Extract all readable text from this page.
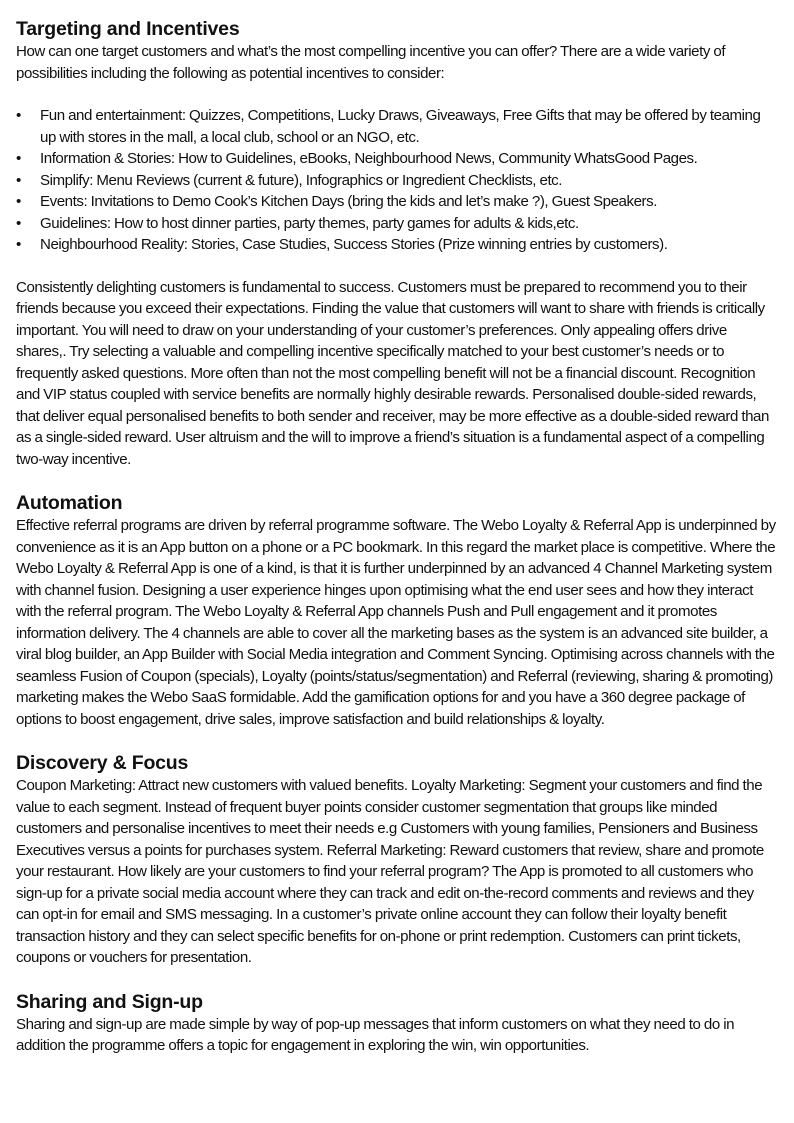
Targeting and Incentives

How can one target customers and what’s the most compelling incentive you can offer? There are a wide variety of possibilities including the following as potential incentives to consider:

• Fun and entertainment: Quizzes, Competitions, Lucky Draws, Giveaways, Free Gifts that may be offered by teaming up with stores in the mall, a local club, school or an NGO, etc.
• Information & Stories: How to Guidelines, eBooks, Neighbourhood News, Community WhatsGood Pages.
• Simplify: Menu Reviews (current & future), Infographics or Ingredient Checklists, etc.
• Events: Invitations to Demo Cook’s Kitchen Days (bring the kids and let’s make ?), Guest Speakers.
• Guidelines: How to host dinner parties, party themes, party games for adults & kids,etc.
• Neighbourhood Reality: Stories, Case Studies, Success Stories (Prize winning entries by customers).

Consistently delighting customers is fundamental to success. Customers must be prepared to recommend you to their friends because you exceed their expectations. Finding the value that customers will want to share with friends is critically important. You will need to draw on your understanding of your customer’s preferences. Only appealing offers drive shares,. Try selecting a valuable and compelling incentive specifically matched to your best customer’s needs or to frequently asked questions. More often than not the most compelling benefit will not be a financial discount. Recognition and VIP status coupled with service benefits are normally highly desirable rewards. Personalised double-sided rewards, that deliver equal personalised benefits to both sender and receiver, may be more effective as a double-sided reward than as a single-sided reward. User altruism and the will to improve a friend’s situation is a fundamental aspect of a compelling two-way incentive.

Automation

Effective referral programs are driven by referral programme software. The Webo Loyalty & Referral App is underpinned by convenience as it is an App button on a phone or a PC bookmark. In this regard the market place is competitive. Where the Webo Loyalty & Referral App is one of a kind, is that it is further underpinned by an advanced 4 Channel Marketing system with channel fusion. Designing a user experience hinges upon optimising what the end user sees and how they interact with the referral program. The Webo Loyalty & Referral App channels Push and Pull engagement and it promotes information delivery. The 4 channels are able to cover all the marketing bases as the system is an advanced site builder, a viral blog builder, an App Builder with Social Media integration and Comment Syncing. Optimising across channels with the seamless Fusion of Coupon (specials), Loyalty (points/status/segmentation) and Referral (reviewing, sharing & promoting) marketing makes the Webo SaaS formidable. Add the gamification options for and you have a 360 degree package of options to boost engagement, drive sales, improve satisfaction and build relationships & loyalty.

Discovery & Focus

Coupon Marketing: Attract new customers with valued benefits. Loyalty Marketing: Segment your customers and find the value to each segment. Instead of frequent buyer points consider customer segmentation that groups like minded customers and personalise incentives to meet their needs e.g Customers with young families, Pensioners and Business Executives versus a points for purchases system. Referral Marketing: Reward customers that review, share and promote your restaurant. How likely are your customers to find your referral program? The App is promoted to all customers who sign-up for a private social media account where they can track and edit on-the-record comments and reviews and they can opt-in for email and SMS messaging. In a customer’s private online account they can follow their loyalty benefit transaction history and they can select specific benefits for on-phone or print redemption. Customers can print tickets, coupons or vouchers for presentation.

Sharing and Sign-up

Sharing and sign-up are made simple by way of pop-up messages that inform customers on what they need to do in addition the programme offers a topic for engagement in exploring the win, win opportunities.
